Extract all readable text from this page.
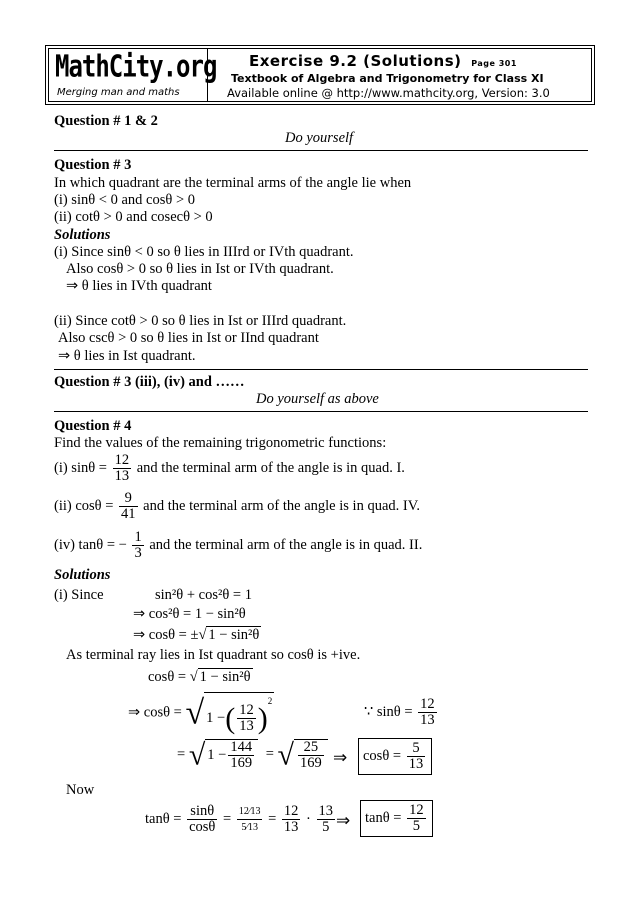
MathCity.org
Merging man and maths
Exercise 9.2 (Solutions) Page 301
Textbook of Algebra and Trigonometry for Class XI
Available online @ http://www.mathcity.org, Version: 3.0
Question # 1 & 2
Do yourself
Question # 3
In which quadrant are the terminal arms of the angle lie when
(i) sinθ < 0 and cosθ > 0
(ii) cotθ > 0 and cosecθ > 0
Solutions
(i) Since sinθ < 0 so θ lies in IIIrd or IVth quadrant.
Also cosθ > 0 so θ lies in Ist or IVth quadrant.
⇒ θ lies in IVth quadrant
(ii) Since cotθ > 0 so θ lies in Ist or IIIrd quadrant.
Also cscθ > 0 so θ lies in Ist or IInd quadrant
⇒ θ lies in Ist quadrant.
Question # 3 (iii), (iv) and ……
Do yourself as above
Question # 4
Find the values of the remaining trigonometric functions:
(i) $\sin\theta = \frac{12}{13}$ and the terminal arm of the angle is in quad. I.
(ii) $\cos\theta = \frac{9}{41}$ and the terminal arm of the angle is in quad. IV.
(iv) tanθ = − $\frac{1}{3}$ and the terminal arm of the angle is in quad. II.
Solutions
(i) Since	sin²θ + cos²θ = 1
⇒ cos²θ = 1 − sin²θ
⇒ cosθ = ±√ 1 − sin²θ
As terminal ray lies in Ist quadrant so cosθ is +ive.
cosθ = √ 1 − sin²θ
⇒ cosθ = √ 1 −( $\frac{12}{13} )^2$
∵ $\sin\theta = \frac{12}{13}$
= √ $1 - \frac{144}{169}$ = √ $\frac{25}{169}$ ⇒	$\cos\theta = \frac{5}{13}$
Now
$\tan\theta = \frac{\sin\theta}{\cos\theta} = \frac{12⁄13}{5⁄13} = \frac{12}{13} \cdot \frac{13}{5}$ ⇒	$\tan\theta = \frac{12}{5}$
